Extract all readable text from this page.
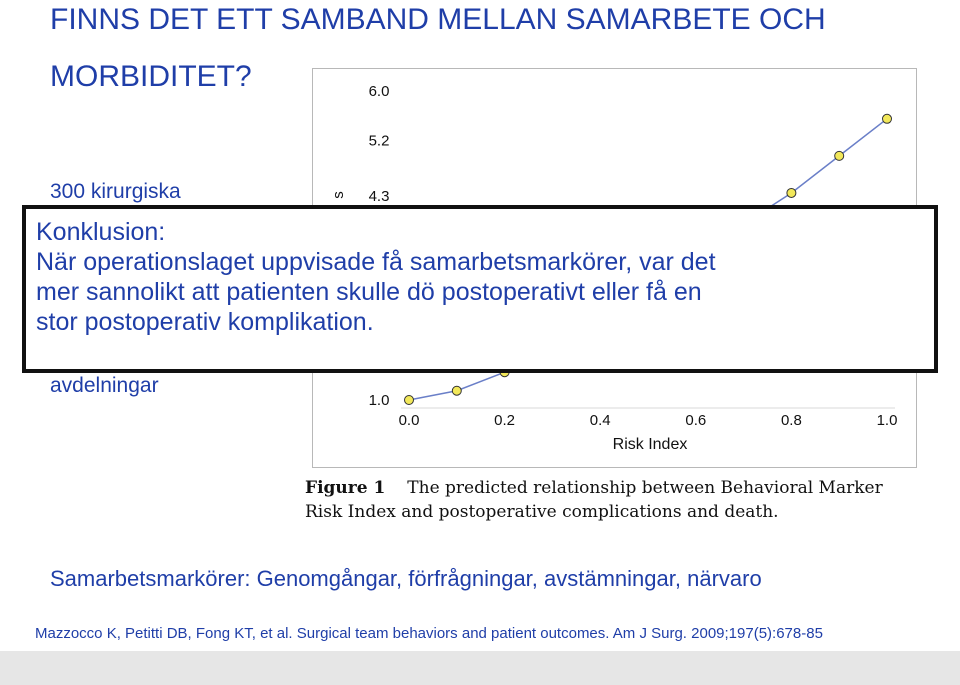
FINNS DET ETT SAMBAND MELLAN SAMARBETE OCH
0.0	0.2	0.4	0.6	0.8	1.0
6.0
5.2
4.3
1.0
s
Risk Index
MORBIDITET?
300 kirurgiska
avdelningar
Konklusion:
När operationslaget uppvisade få samarbetsmarkörer, var det
mer sannolikt att patienten skulle dö postoperativt eller få en
stor postoperativ komplikation.
Figure 1 The predicted relationship between Behavioral Marker
Risk Index and postoperative complications and death.
Samarbetsmarkörer: Genomgångar, förfrågningar, avstämningar, närvaro
Mazzocco K, Petitti DB, Fong KT, et al. Surgical team behaviors and patient outcomes. Am J Surg. 2009;197(5):678-85
